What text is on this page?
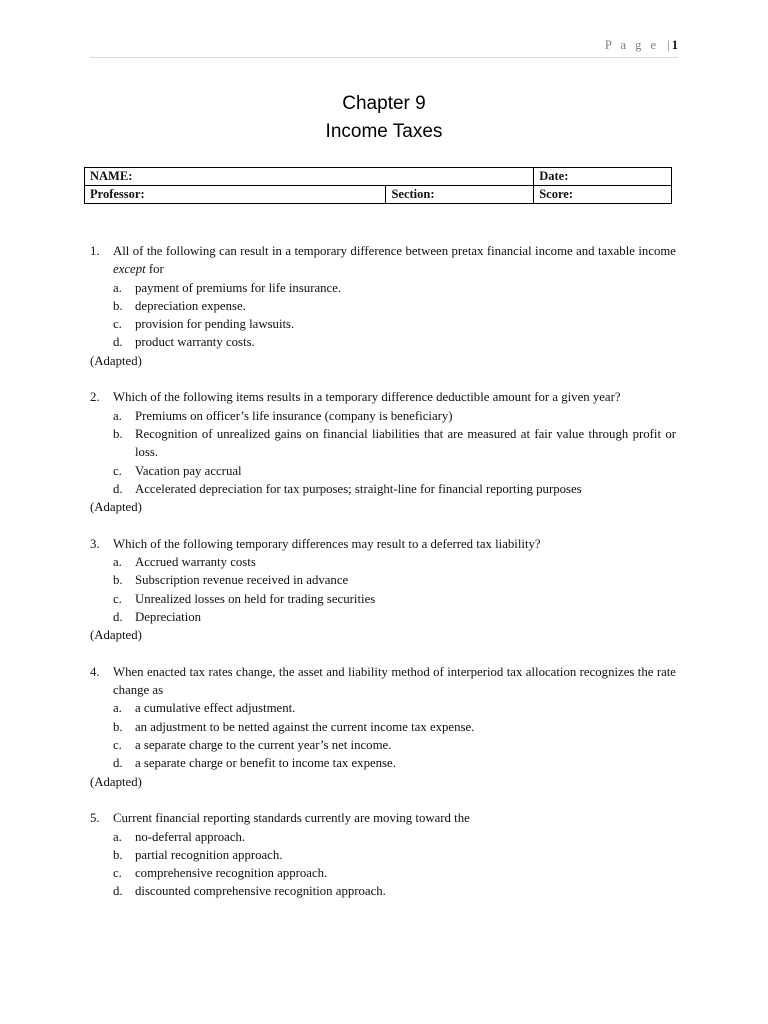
P a g e | 1
Chapter 9
Income Taxes
NAME:		Date:
Professor:	Section:	Score:
1.	All of the following can result in a temporary difference between pretax financial income and taxable income except for
a.	payment of premiums for life insurance.
b. depreciation expense.
c.	provision for pending lawsuits.
d. product warranty costs.
(Adapted)
2.	Which of the following items results in a temporary difference deductible amount for a given year?
a.	Premiums on officer’s life insurance (company is beneficiary)
b. Recognition of unrealized gains on financial liabilities that are measured at fair value through profit or loss.
c.	Vacation pay accrual
d. Accelerated depreciation for tax purposes; straight-line for financial reporting purposes
(Adapted)
3.	Which of the following temporary differences may result to a deferred tax liability?
a.	Accrued warranty costs
b. Subscription revenue received in advance
c.	Unrealized losses on held for trading securities
d. Depreciation
(Adapted)
4.	When enacted tax rates change, the asset and liability method of interperiod tax allocation recognizes the rate change as
a.	a cumulative effect adjustment.
b. an adjustment to be netted against the current income tax expense.
c.	a separate charge to the current year’s net income.
d. a separate charge or benefit to income tax expense.
(Adapted)
5.	Current financial reporting standards currently are moving toward the
a.	no-deferral approach.
b. partial recognition approach.
c.	comprehensive recognition approach.
d. discounted comprehensive recognition approach.
